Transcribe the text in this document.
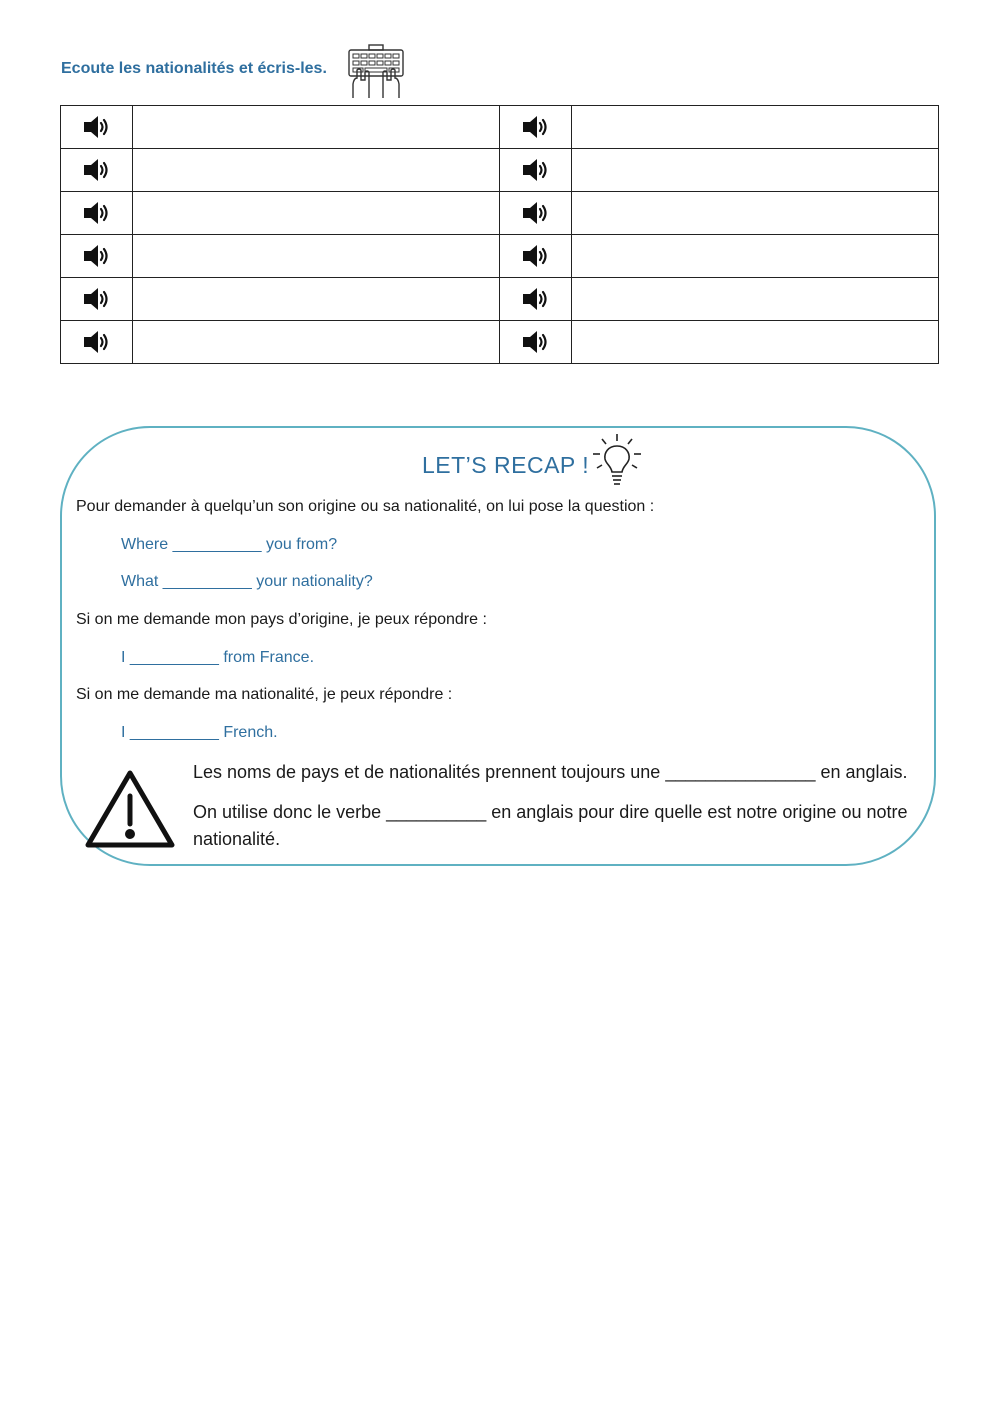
Ecoute les nationalités et écris-les.

LET’S RECAP !
Pour demander à quelqu’un son origine ou sa nationalité, on lui pose la question :
Where __________ you from?
What __________ your nationality?
Si on me demande mon pays d’origine, je peux répondre :
I __________ from France.
Si on me demande ma nationalité, je peux répondre :
I __________ French.
Les noms de pays et de nationalités prennent toujours une _______________ en anglais.
On utilise donc le verbe __________ en anglais pour dire quelle est notre origine ou notre nationalité.
